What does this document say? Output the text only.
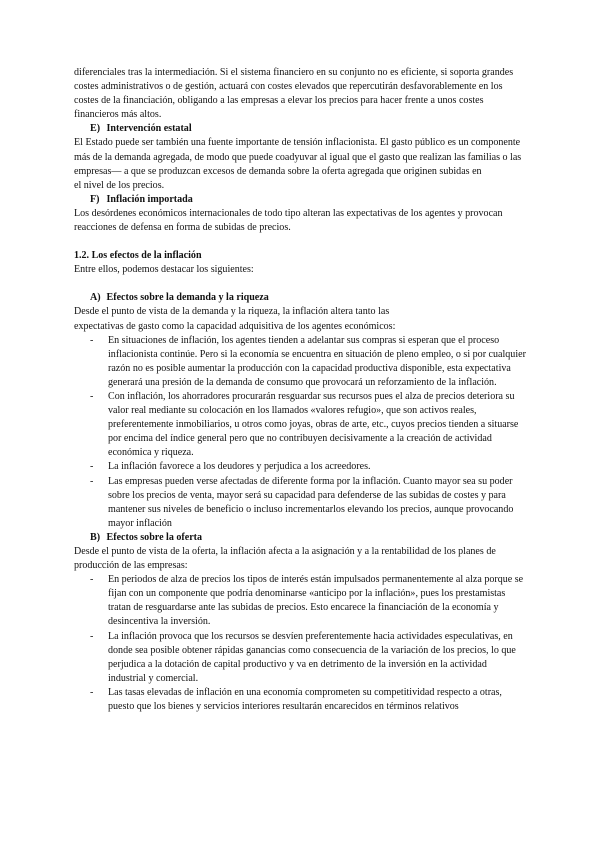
diferenciales tras la intermediación. Si el sistema financiero en su conjunto no es eficiente, si soporta grandes costes administrativos o de gestión, actuará con costes elevados que repercutirán desfavorablemente en los costes de la financiación, obligando a las empresas a elevar los precios para hacer frente a unos costes financieros más altos.

E) Intervención estatal

El Estado puede ser también una fuente importante de tensión inflacionista. El gasto público es un componente más de la demanda agregada, de modo que puede coadyuvar al igual que el gasto que realizan las familias o las empresas— a que se produzcan excesos de demanda sobre la oferta agregada que originen subidas en

el nivel de los precios.

F) Inflación importada

Los desórdenes económicos internacionales de todo tipo alteran las expectativas de los agentes y provocan reacciones de defensa en forma de subidas de precios.

1.2. Los efectos de la inflación

Entre ellos, podemos destacar los siguientes:

A) Efectos sobre la demanda y la riqueza

Desde el punto de vista de la demanda y la riqueza, la inflación altera tanto las

expectativas de gasto como la capacidad adquisitiva de los agentes económicos:

- En situaciones de inflación, los agentes tienden a adelantar sus compras si esperan que el proceso inflacionista continúe. Pero si la economía se encuentra en situación de pleno empleo, o si por cualquier razón no es posible aumentar la producción con la capacidad productiva disponible, esta expectativa generará una presión de la demanda de consumo que provocará un reforzamiento de la inflación.
- Con inflación, los ahorradores procurarán resguardar sus recursos pues el alza de precios deteriora su valor real mediante su colocación en los llamados «valores refugio», que son activos reales, preferentemente inmobiliarios, u otros como joyas, obras de arte, etc., cuyos precios tienden a situarse por encima del índice general pero que no contribuyen decisivamente a la creación de actividad económica y riqueza.
- La inflación favorece a los deudores y perjudica a los acreedores.
- Las empresas pueden verse afectadas de diferente forma por la inflación. Cuanto mayor sea su poder sobre los precios de venta, mayor será su capacidad para defenderse de las subidas de costes y para mantener sus niveles de beneficio o incluso incrementarlos elevando los precios, aunque provocando mayor inflación
B) Efectos sobre la oferta

Desde el punto de vista de la oferta, la inflación afecta a la asignación y a la rentabilidad de los planes de producción de las empresas:

- En periodos de alza de precios los tipos de interés están impulsados permanentemente al alza porque se fijan con un componente que podría denominarse «anticipo por la inflación», pues los prestamistas tratan de resguardarse ante las subidas de precios. Esto encarece la financiación de la economía y desincentiva la inversión.
- La inflación provoca que los recursos se desvíen preferentemente hacia actividades especulativas, en donde sea posible obtener rápidas ganancias como consecuencia de la variación de los precios, lo que perjudica a la dotación de capital productivo y va en detrimento de la inversión en la actividad industrial y comercial.
- Las tasas elevadas de inflación en una economía comprometen su competitividad respecto a otras, puesto que los bienes y servicios interiores resultarán encarecidos en términos relativos
